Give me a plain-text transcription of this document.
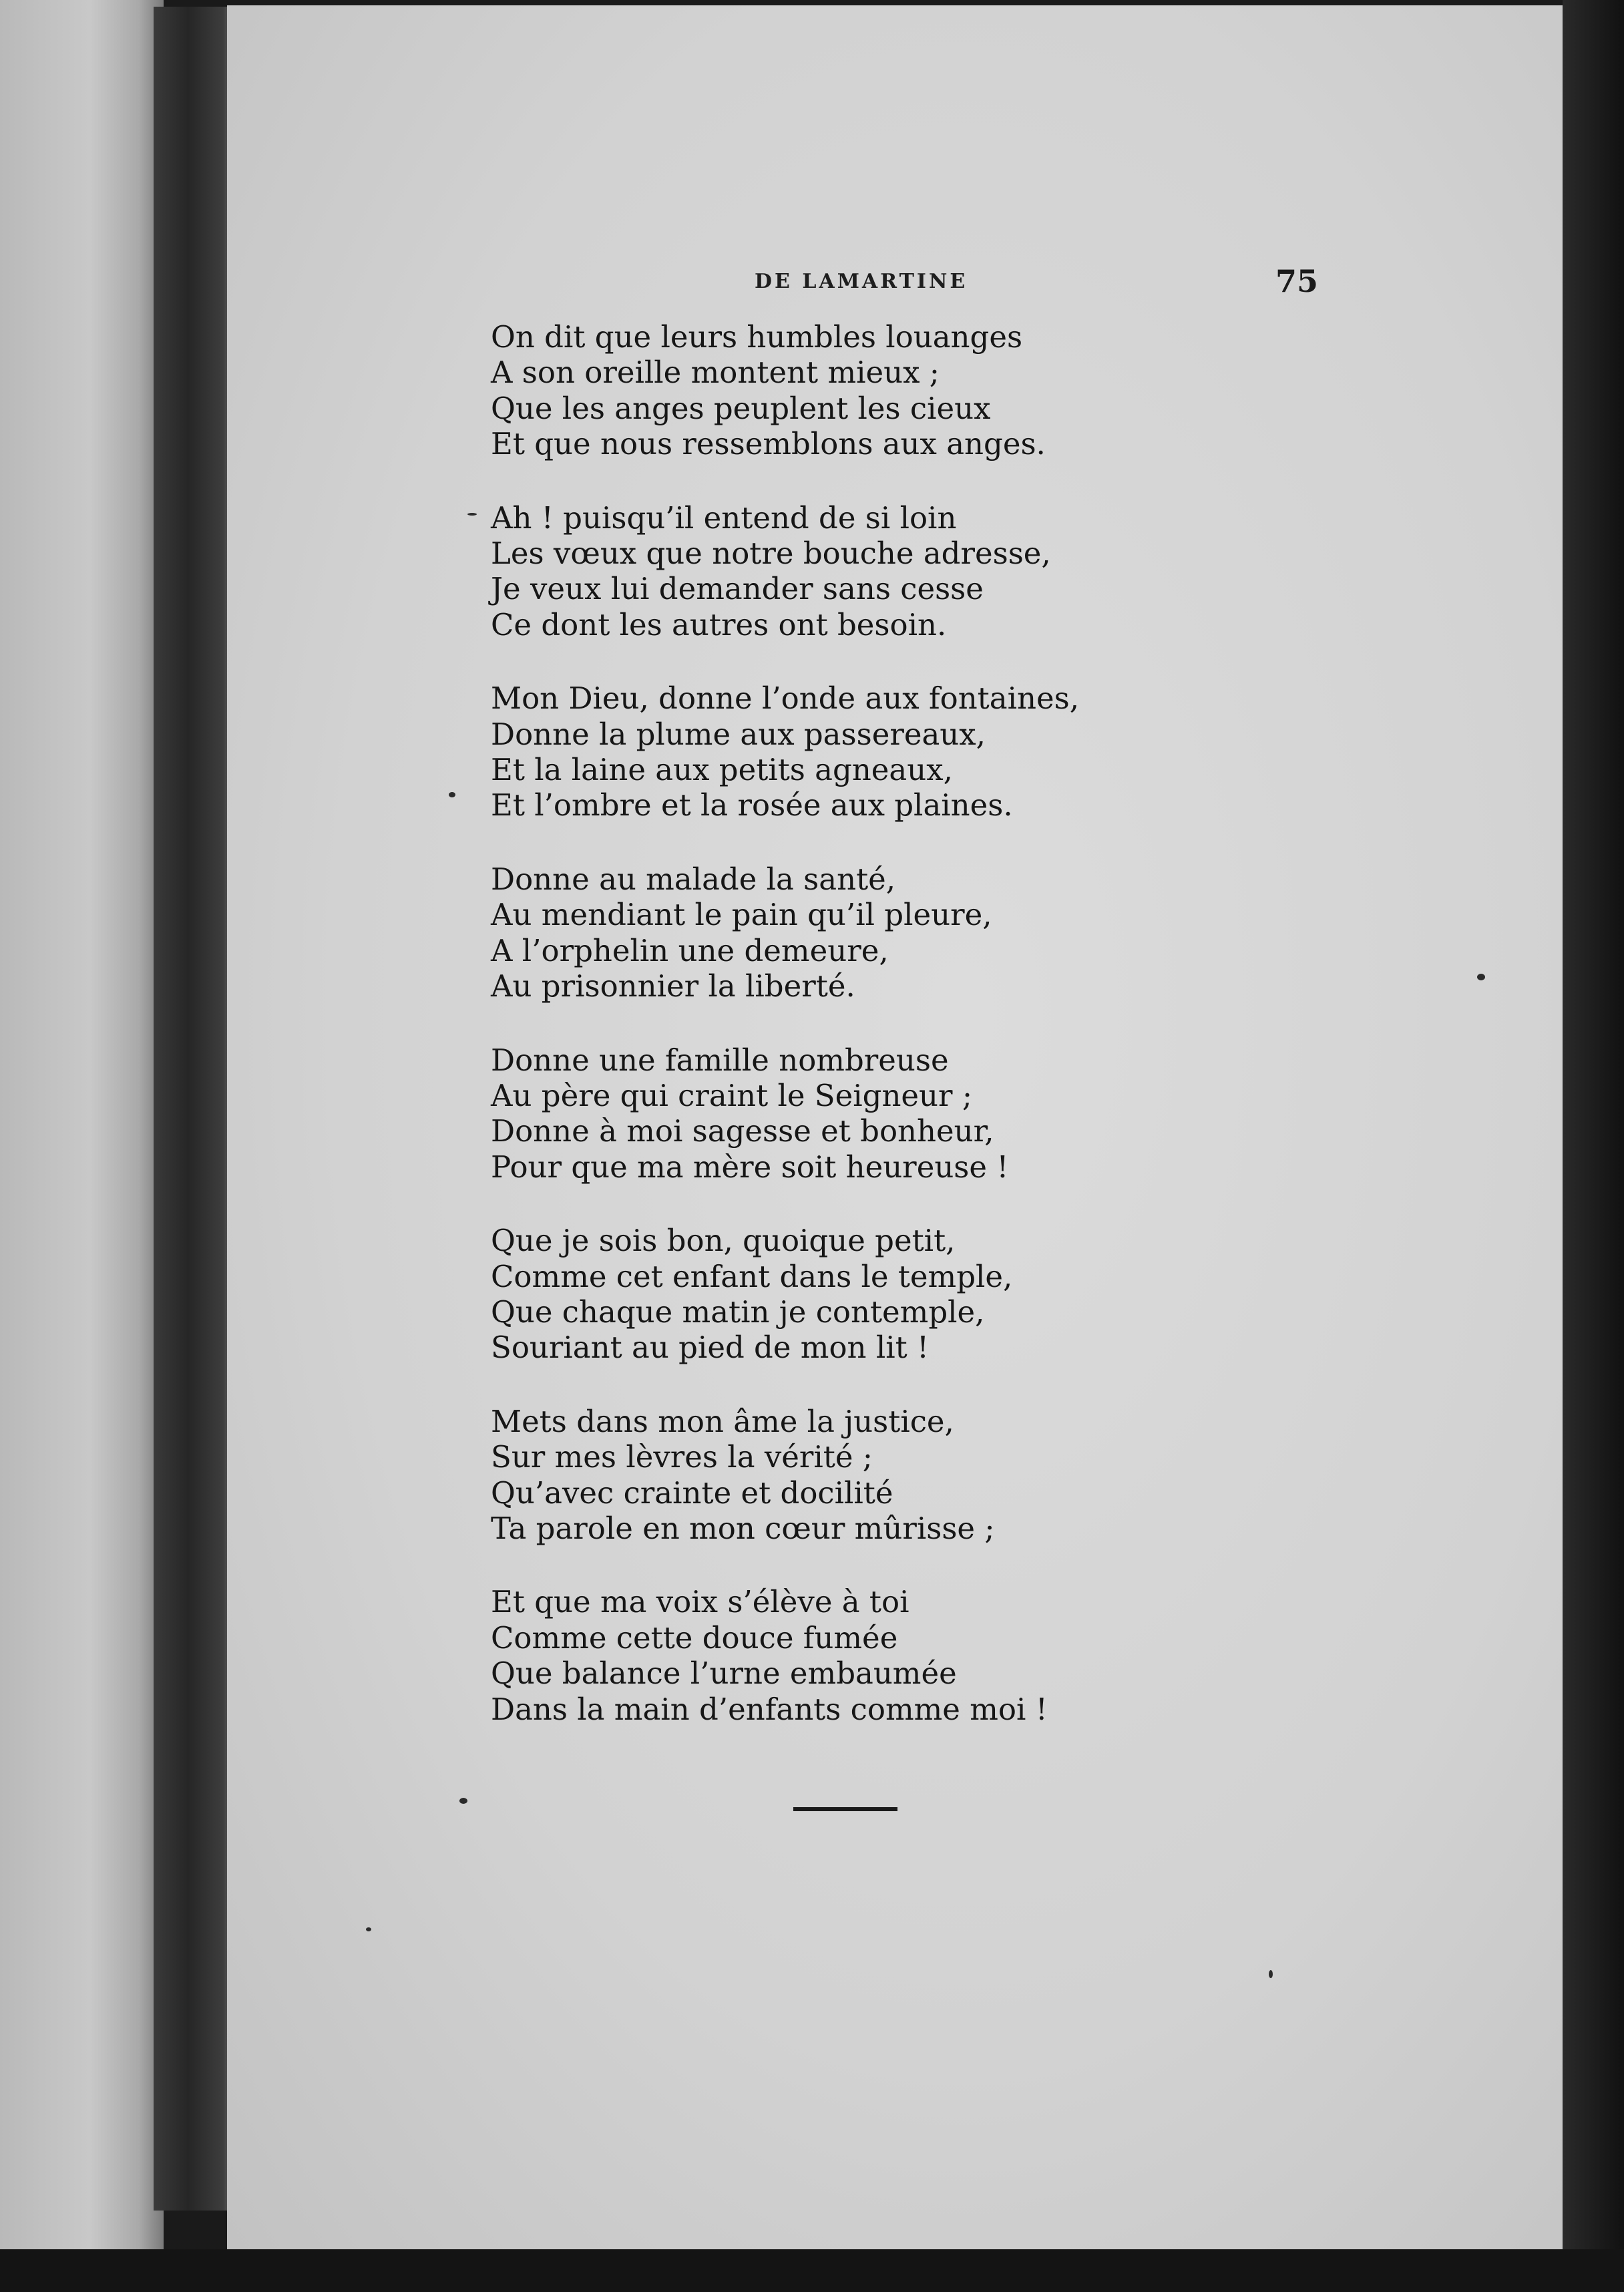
DE LAMARTINE	75
On dit que leurs humbles louanges
A son oreille montent mieux ;
Que les anges peuplent les cieux
Et que nous ressemblons aux anges.
Ah ! puisqu’il entend de si loin
Les vœux que notre bouche adresse,
Je veux lui demander sans cesse
Ce dont les autres ont besoin.
Mon Dieu, donne l’onde aux fontaines,
Donne la plume aux passereaux,
Et la laine aux petits agneaux,
Et l’ombre et la rosée aux plaines.
Donne au malade la santé,
Au mendiant le pain qu’il pleure,
A l’orphelin une demeure,
Au prisonnier la liberté.
Donne une famille nombreuse
Au père qui craint le Seigneur ;
Donne à moi sagesse et bonheur,
Pour que ma mère soit heureuse !
Que je sois bon, quoique petit,
Comme cet enfant dans le temple,
Que chaque matin je contemple,
Souriant au pied de mon lit !
Mets dans mon âme la justice,
Sur mes lèvres la vérité ;
Qu’avec crainte et docilité
Ta parole en mon cœur mûrisse ;
Et que ma voix s’élève à toi
Comme cette douce fumée
Que balance l’urne embaumée
Dans la main d’enfants comme moi !
